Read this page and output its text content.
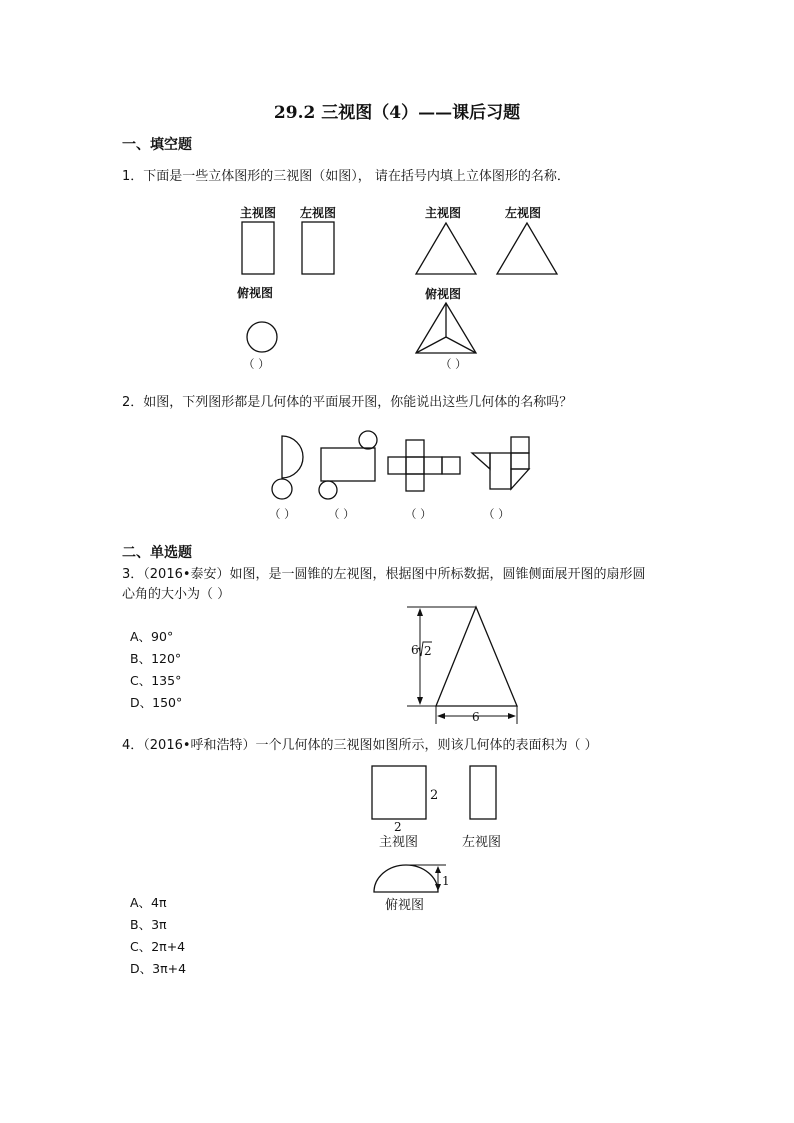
29.2 三视图（4）——课后习题
一、填空题
1．下面是一些立体图形的三视图（如图）， 请在括号内填上立体图形的名称．
主视图 左视图
俯视图
主视图	左视图
俯视图
（ ）	（ ）
2．如图，下列图形都是几何体的平面展开图，你能说出这些几何体的名称吗？
（ ）	（ ）	（ ）	（ ）
二、单选题
3．（2016•泰安）如图，是一圆锥的左视图，根据图中所标数据，圆锥侧面展开图的扇形圆
心角的大小为（ ）
6 2
6
A、90°
B、120°
C、135°
D、150°
4．（2016•呼和浩特）一个几何体的三视图如图所示，则该几何体的表面积为（ ）
2
2
1
主视图	左视图
俯视图
A、4π
B、3π
C、2π+4
D、3π+4
